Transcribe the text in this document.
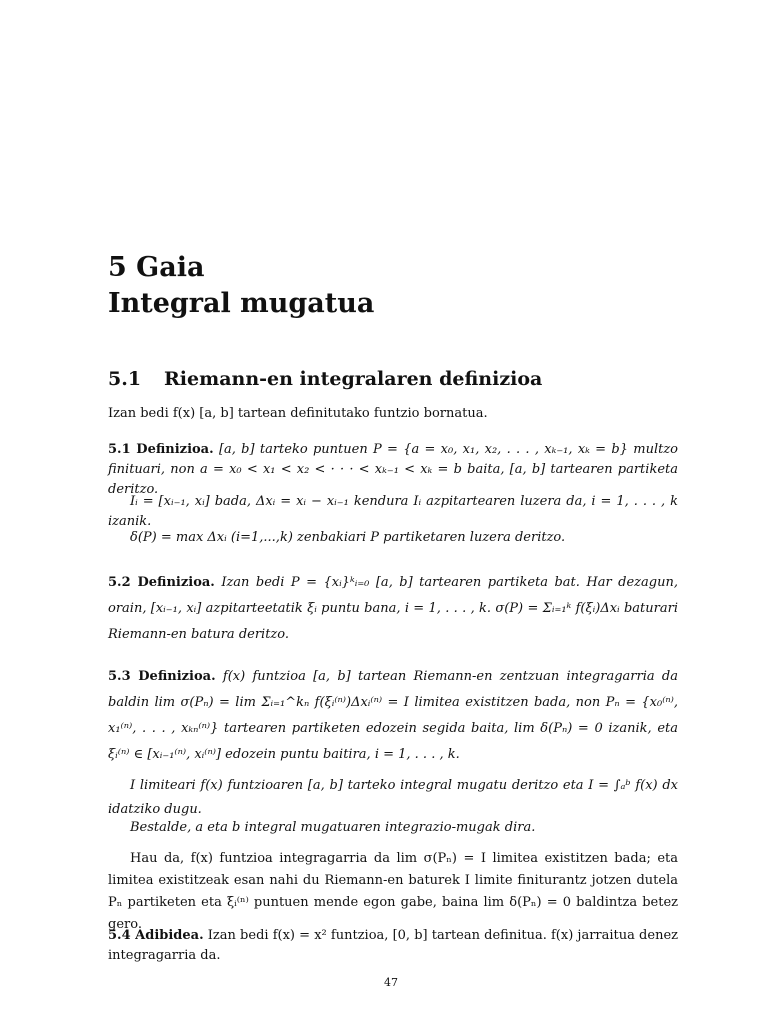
5 Gaia
Integral mugatua
5.1 Riemann-en integralaren definizioa
Izan bedi f(x) [a, b] tartean definitutako funtzio bornatua.
5.1 Definizioa. [a, b] tarteko puntuen P = {a = x₀, x₁, x₂, . . . , xₖ₋₁, xₖ = b} multzo finituari, non a = x₀ < x₁ < x₂ < · · · < xₖ₋₁ < xₖ = b baita, [a, b] tartearen partiketa deritzo.
Iᵢ = [xᵢ₋₁, xᵢ] bada, Δxᵢ = xᵢ − xᵢ₋₁ kendura Iᵢ azpitartearen luzera da, i = 1, . . . , k izanik.
δ(P) = max Δxᵢ (i=1,...,k) zenbakiari P partiketaren luzera deritzo.
5.2 Definizioa. Izan bedi P = {xᵢ}ᵏᵢ₌₀ [a, b] tartearen partiketa bat. Har dezagun, orain, [xᵢ₋₁, xᵢ] azpitarteetatik ξᵢ puntu bana, i = 1, . . . , k. σ(P) = Σᵢ₌₁ᵏ f(ξᵢ)Δxᵢ baturari Riemann-en batura deritzo.
5.3 Definizioa. f(x) funtzioa [a, b] tartean Riemann-en zentzuan integragarria da baldin lim σ(Pₙ) = lim Σᵢ₌₁^kₙ f(ξᵢ⁽ⁿ⁾)Δxᵢ⁽ⁿ⁾ = I limitea existitzen bada, non Pₙ = {x₀⁽ⁿ⁾, x₁⁽ⁿ⁾, . . . , xₖₙ⁽ⁿ⁾} tartearen partiketen edozein segida baita, lim δ(Pₙ) = 0 izanik, eta ξᵢ⁽ⁿ⁾ ∈ [xᵢ₋₁⁽ⁿ⁾, xᵢ⁽ⁿ⁾] edozein puntu baitira, i = 1, . . . , k.
I limiteari f(x) funtzioaren [a, b] tarteko integral mugatu deritzo eta I = ∫ₐᵇ f(x) dx idatziko dugu.
Bestalde, a eta b integral mugatuaren integrazio-mugak dira.
Hau da, f(x) funtzioa integragarria da lim σ(Pₙ) = I limitea existitzen bada; eta limitea existitzeak esan nahi du Riemann-en baturek I limite finiturantz jotzen dutela Pₙ partiketen eta ξᵢ⁽ⁿ⁾ puntuen mende egon gabe, baina lim δ(Pₙ) = 0 baldintza betez gero.
5.4 Adibidea. Izan bedi f(x) = x² funtzioa, [0, b] tartean definitua. f(x) jarraitua denez integragarria da.
47
